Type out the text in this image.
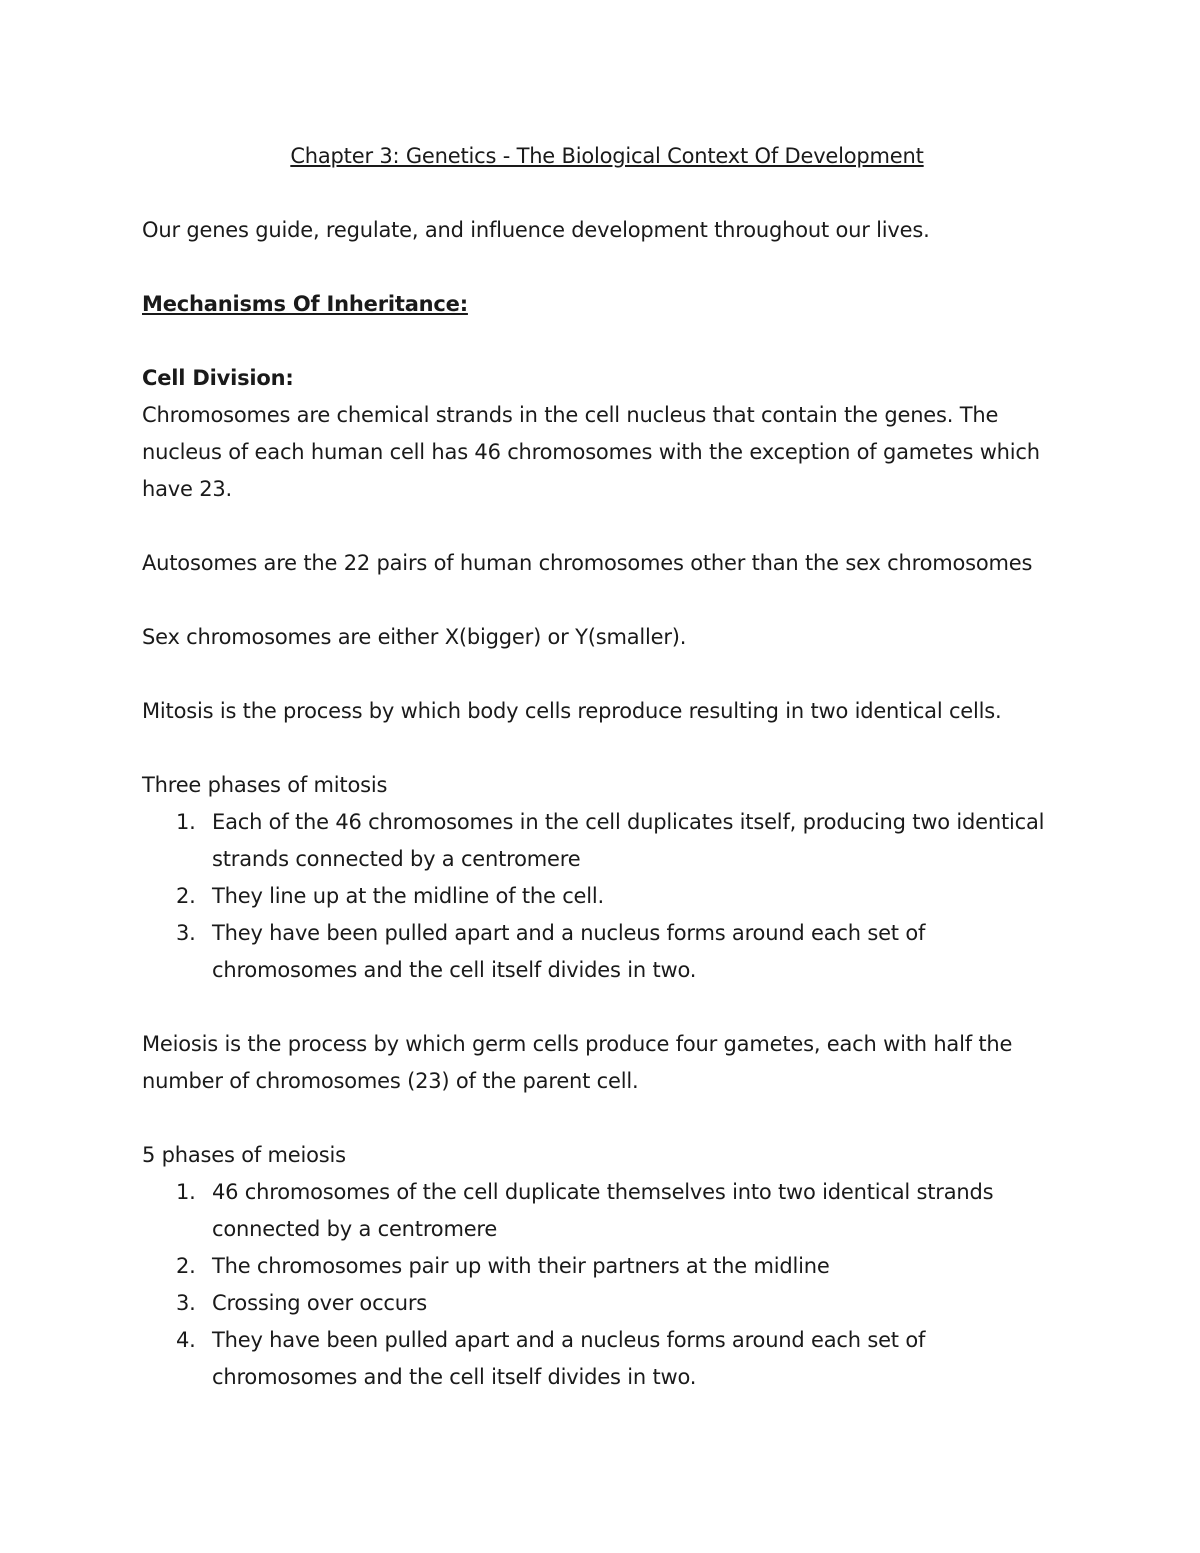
Chapter 3: Genetics - The Biological Context Of Development

Our genes guide, regulate, and influence development throughout our lives.

Mechanisms Of Inheritance:

Cell Division:

Chromosomes are chemical strands in the cell nucleus that contain the genes. The nucleus of each human cell has 46 chromosomes with the exception of gametes which have 23.

Autosomes are the 22 pairs of human chromosomes other than the sex chromosomes

Sex chromosomes are either X(bigger) or Y(smaller).

Mitosis is the process by which body cells reproduce resulting in two identical cells.

Three phases of mitosis

1. Each of the 46 chromosomes in the cell duplicates itself, producing two identical strands connected by a centromere
2. They line up at the midline of the cell.
3. They have been pulled apart and a nucleus forms around each set of chromosomes and the cell itself divides in two.

Meiosis is the process by which germ cells produce four gametes, each with half the number of chromosomes (23) of the parent cell.

5 phases of meiosis

1. 46 chromosomes of the cell duplicate themselves into two identical strands connected by a centromere
2. The chromosomes pair up with their partners at the midline
3. Crossing over occurs
4. They have been pulled apart and a nucleus forms around each set of chromosomes and the cell itself divides in two.
